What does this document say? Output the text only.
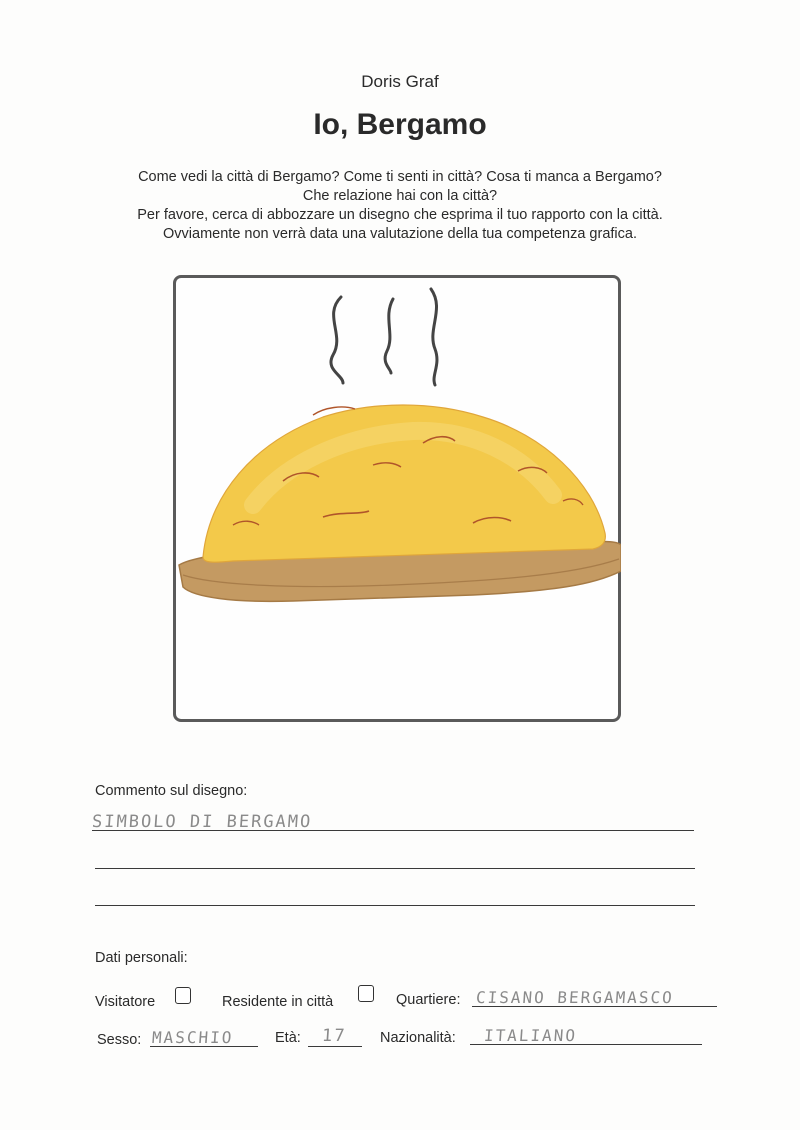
Doris Graf
Io, Bergamo
Come vedi la città di Bergamo? Come ti senti in città? Cosa ti manca a Bergamo?
Che relazione hai con la città?
Per favore, cerca di abbozzare un disegno che esprima il tuo rapporto con la città.
Ovviamente non verrà data una valutazione della tua competenza grafica.
Commento sul disegno:
SIMBOLO DI BERGAMO
Dati personali:
Visitatore	Residente in città	Quartiere: CISANO BERGAMASCO
Sesso: MASCHIO	Età: 17 Nazionalità: ITALIANO
